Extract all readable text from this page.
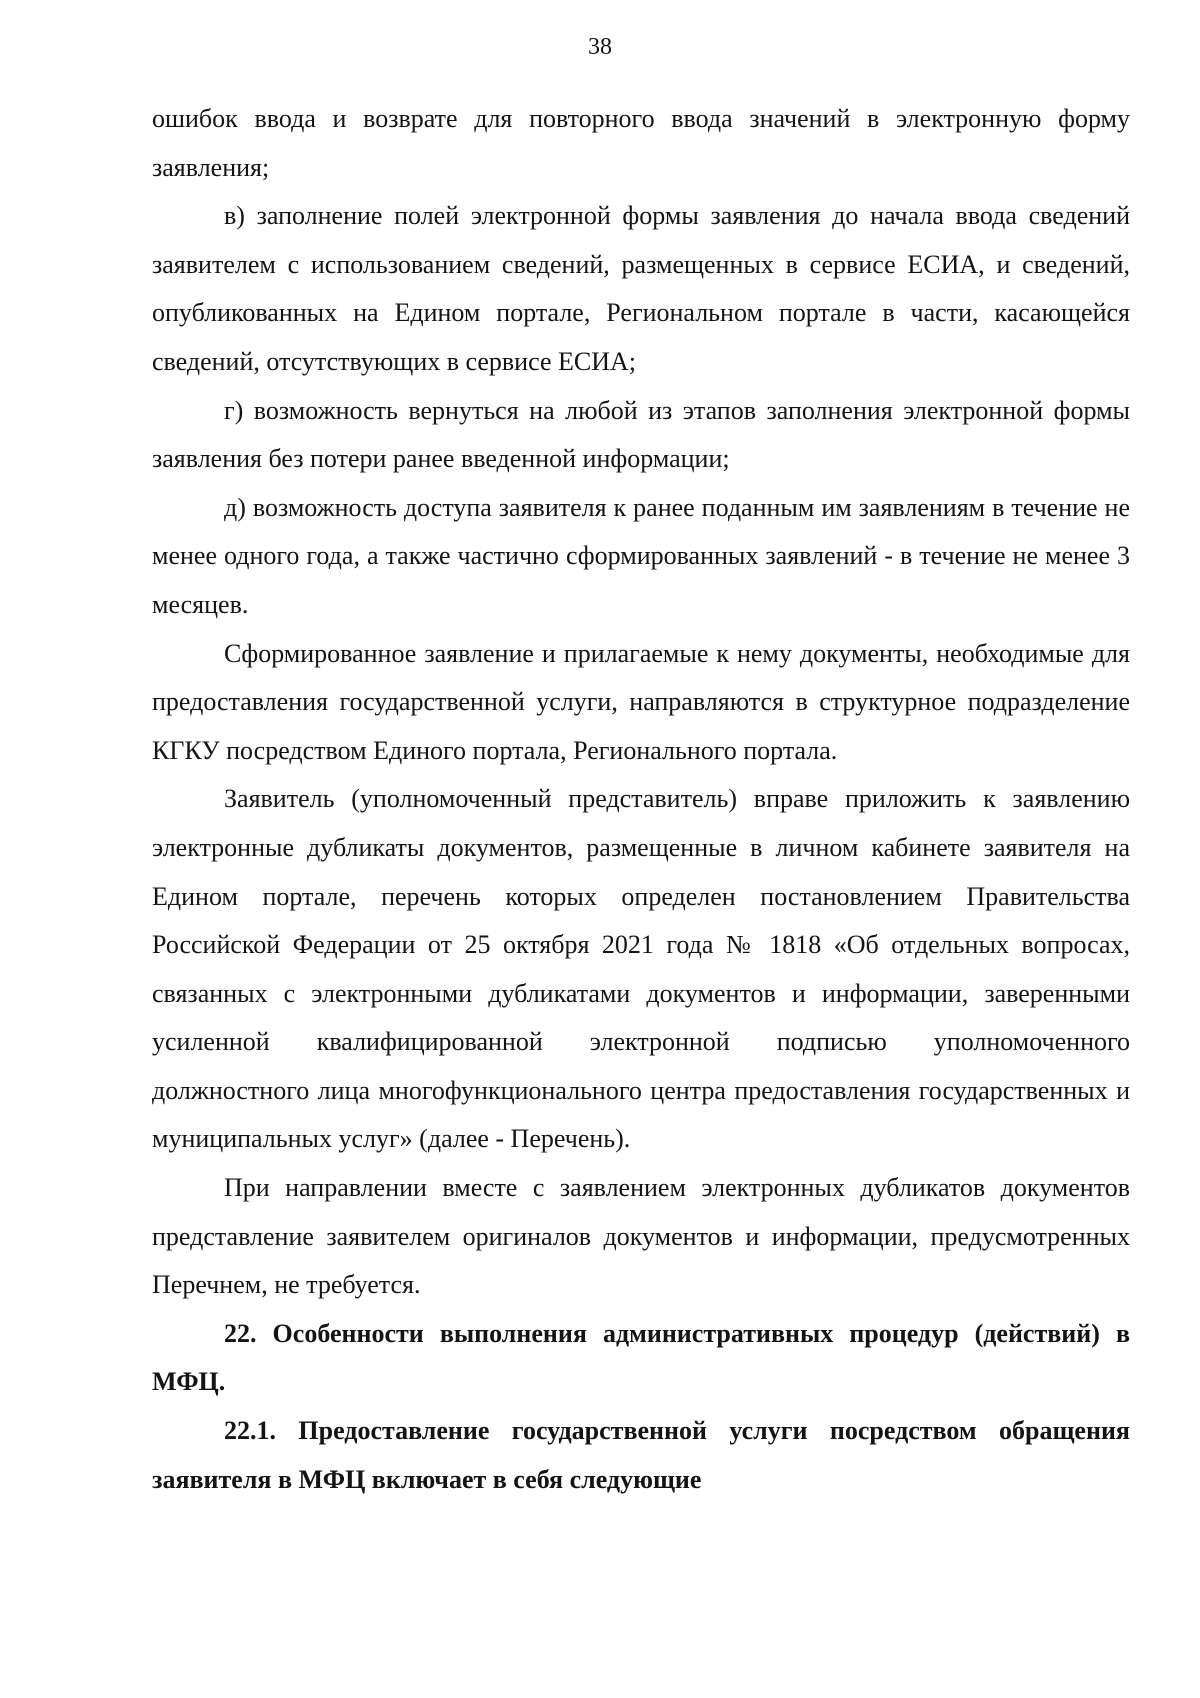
38

ошибок ввода и возврате для повторного ввода значений в электронную форму заявления;

в) заполнение полей электронной формы заявления до начала ввода сведений заявителем с использованием сведений, размещенных в сервисе ЕСИА, и сведений, опубликованных на Едином портале, Региональном портале в части, касающейся сведений, отсутствующих в сервисе ЕСИА;

г) возможность вернуться на любой из этапов заполнения электронной формы заявления без потери ранее введенной информации;

д) возможность доступа заявителя к ранее поданным им заявлениям в течение не менее одного года, а также частично сформированных заявлений - в течение не менее 3 месяцев.

Сформированное заявление и прилагаемые к нему документы, необходимые для предоставления государственной услуги, направляются в структурное подразделение КГКУ посредством Единого портала, Регионального портала.

Заявитель (уполномоченный представитель) вправе приложить к заявлению электронные дубликаты документов, размещенные в личном кабинете заявителя на Едином портале, перечень которых определен постановлением Правительства Российской Федерации от 25 октября 2021 года № 1818 «Об отдельных вопросах, связанных с электронными дубликатами документов и информации, заверенными усиленной квалифицированной электронной подписью уполномоченного должностного лица многофункционального центра предоставления государственных и муниципальных услуг» (далее - Перечень).

При направлении вместе с заявлением электронных дубликатов документов представление заявителем оригиналов документов и информации, предусмотренных Перечнем, не требуется.

22. Особенности выполнения административных процедур (действий) в МФЦ.

22.1. Предоставление государственной услуги посредством обращения заявителя в МФЦ включает в себя следующие
